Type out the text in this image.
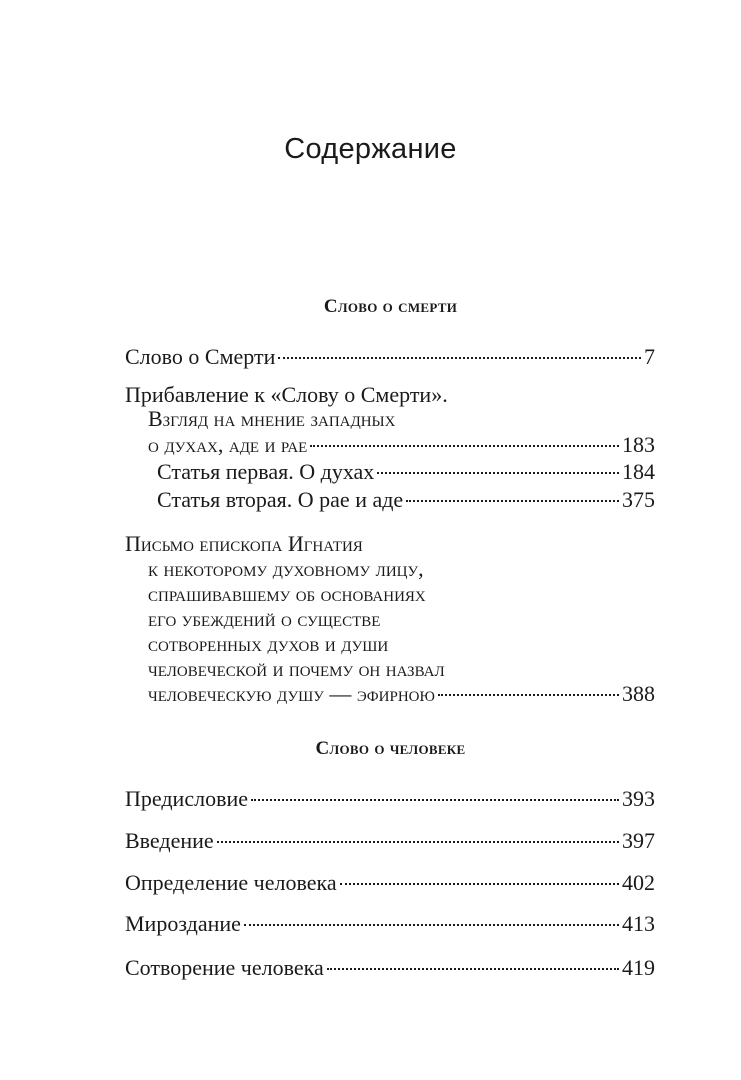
Содержание
Слово о смерти
Слово о Смерти	7
Прибавление к «Слову о Смерти».
Взгляд на мнение западных
о духах, аде и рае	183
Статья первая. О духах	184
Статья вторая. О рае и аде	375
Письмо епископа Игнатия
к некоторому духовному лицу,
спрашивавшему об основаниях
его убеждений о существе
сотворенных духов и души
человеческой и почему он назвал
человеческую душу — эфирною	388
Слово о человеке
Предисловие	393
Введение	397
Определение человека	402
Мироздание	413
Сотворение человека	419
